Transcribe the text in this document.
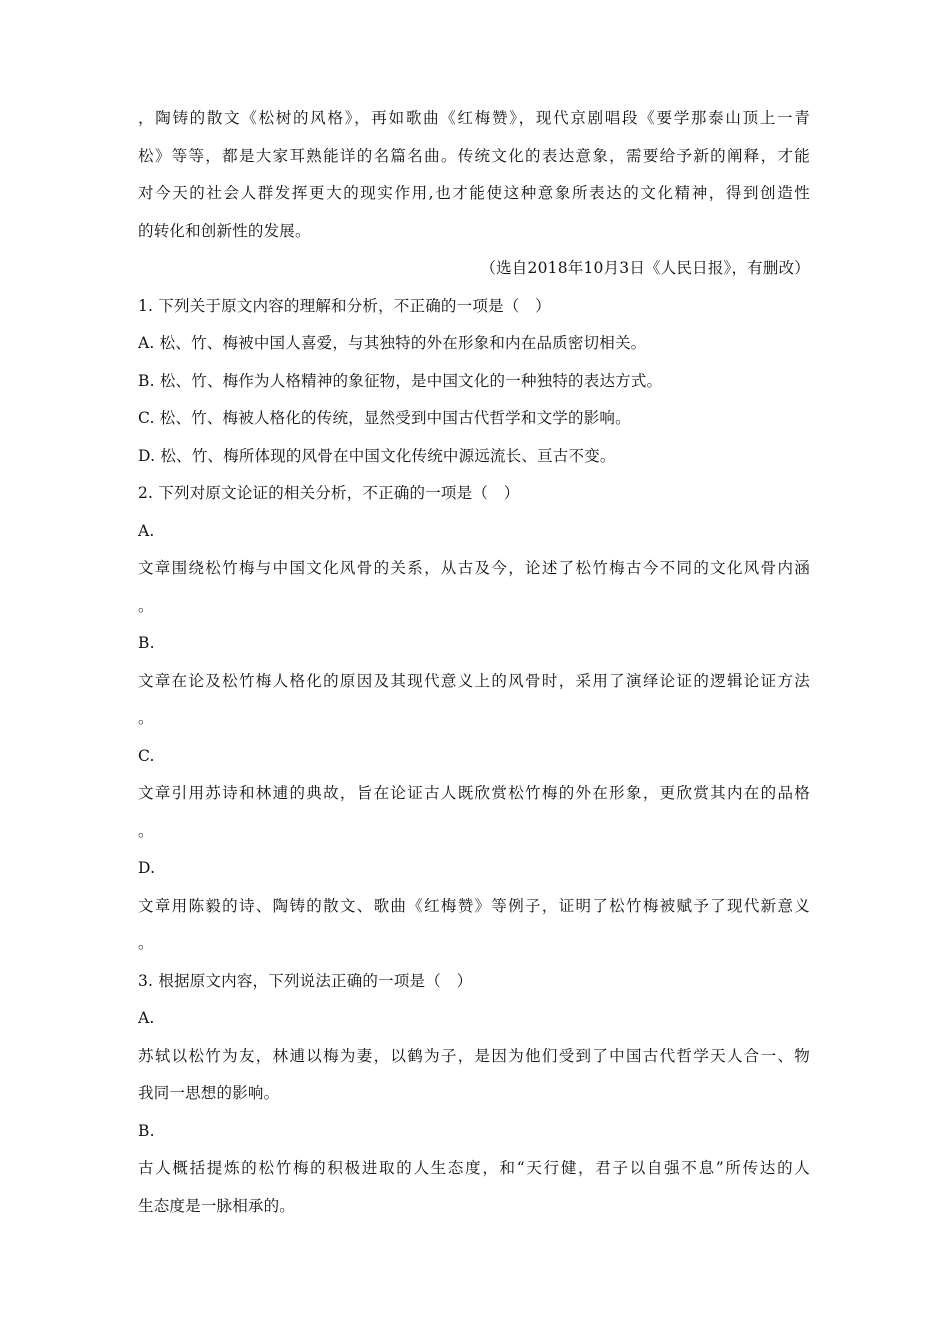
，陶铸的散文《松树的风格》，再如歌曲《红梅赞》，现代京剧唱段《要学那泰山顶上一青
松》等等，都是大家耳熟能详的名篇名曲。传统文化的表达意象，需要给予新的阐释，才能
对今天的社会人群发挥更大的现实作用,也才能使这种意象所表达的文化精神，得到创造性
的转化和创新性的发展。
（选自2018年10月3日《人民日报》，有删改）
1. 下列关于原文内容的理解和分析，不正确的一项是（　）
A. 松、竹、梅被中国人喜爱，与其独特的外在形象和内在品质密切相关。
B. 松、竹、梅作为人格精神的象征物，是中国文化的一种独特的表达方式。
C. 松、竹、梅被人格化的传统，显然受到中国古代哲学和文学的影响。
D. 松、竹、梅所体现的风骨在中国文化传统中源远流长、亘古不变。
2. 下列对原文论证的相关分析，不正确的一项是（　）
A.
文章围绕松竹梅与中国文化风骨的关系，从古及今，论述了松竹梅古今不同的文化风骨内涵
。
B.
文章在论及松竹梅人格化的原因及其现代意义上的风骨时，采用了演绎论证的逻辑论证方法
。
C.
文章引用苏诗和林逋的典故，旨在论证古人既欣赏松竹梅的外在形象，更欣赏其内在的品格
。
D.
文章用陈毅的诗、陶铸的散文、歌曲《红梅赞》等例子，证明了松竹梅被赋予了现代新意义
。
3. 根据原文内容，下列说法正确的一项是（　）
A.
苏轼以松竹为友，林逋以梅为妻，以鹤为子，是因为他们受到了中国古代哲学天人合一、物
我同一思想的影响。
B.
古人概括提炼的松竹梅的积极进取的人生态度，和“天行健，君子以自强不息”所传达的人
生态度是一脉相承的。
